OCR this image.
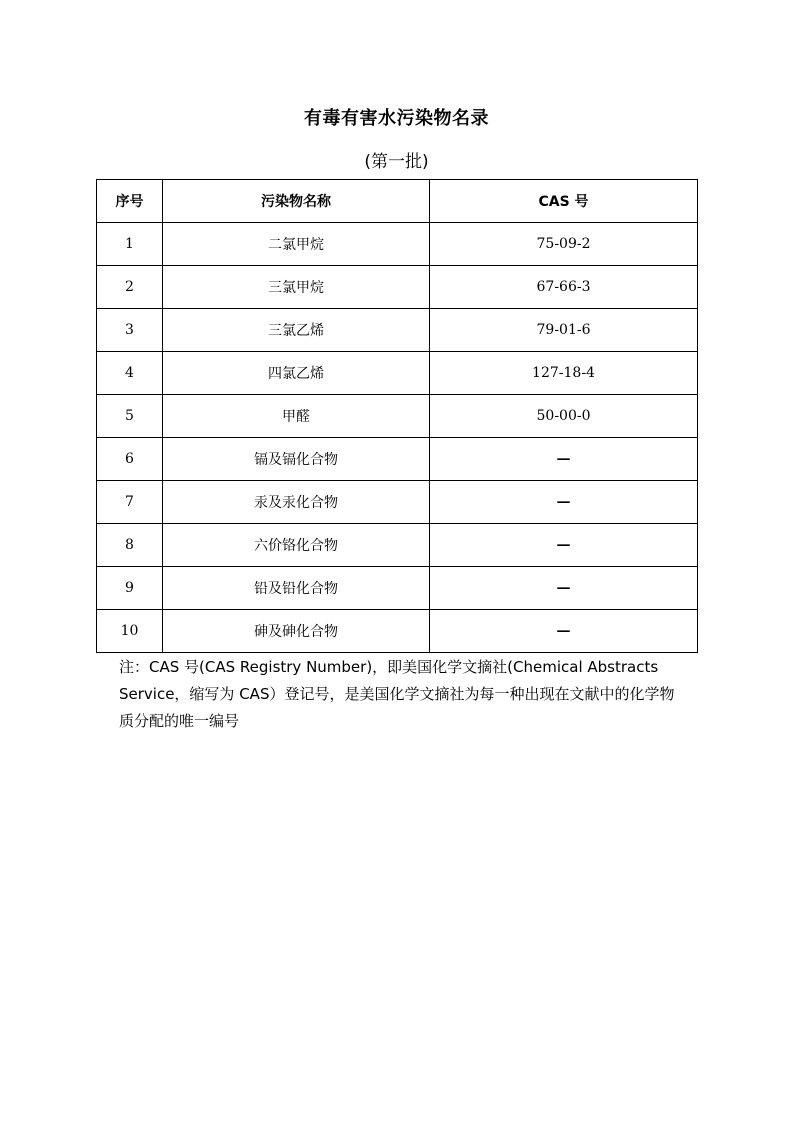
有毒有害水污染物名录
(第一批)
序号	污染物名称	CAS 号
1	二氯甲烷	75-09-2
2	三氯甲烷	67-66-3
3	三氯乙烯	79-01-6
4	四氯乙烯	127-18-4
5	甲醛	50-00-0
6	镉及镉化合物	—
7	汞及汞化合物	—
8	六价铬化合物	—
9	铅及铅化合物	—
10	砷及砷化合物	—
注：CAS 号(CAS Registry Number)，即美国化学文摘社(Chemical Abstracts Service，缩写为 CAS）登记号，是美国化学文摘社为每一种出现在文献中的化学物质分配的唯一编号
